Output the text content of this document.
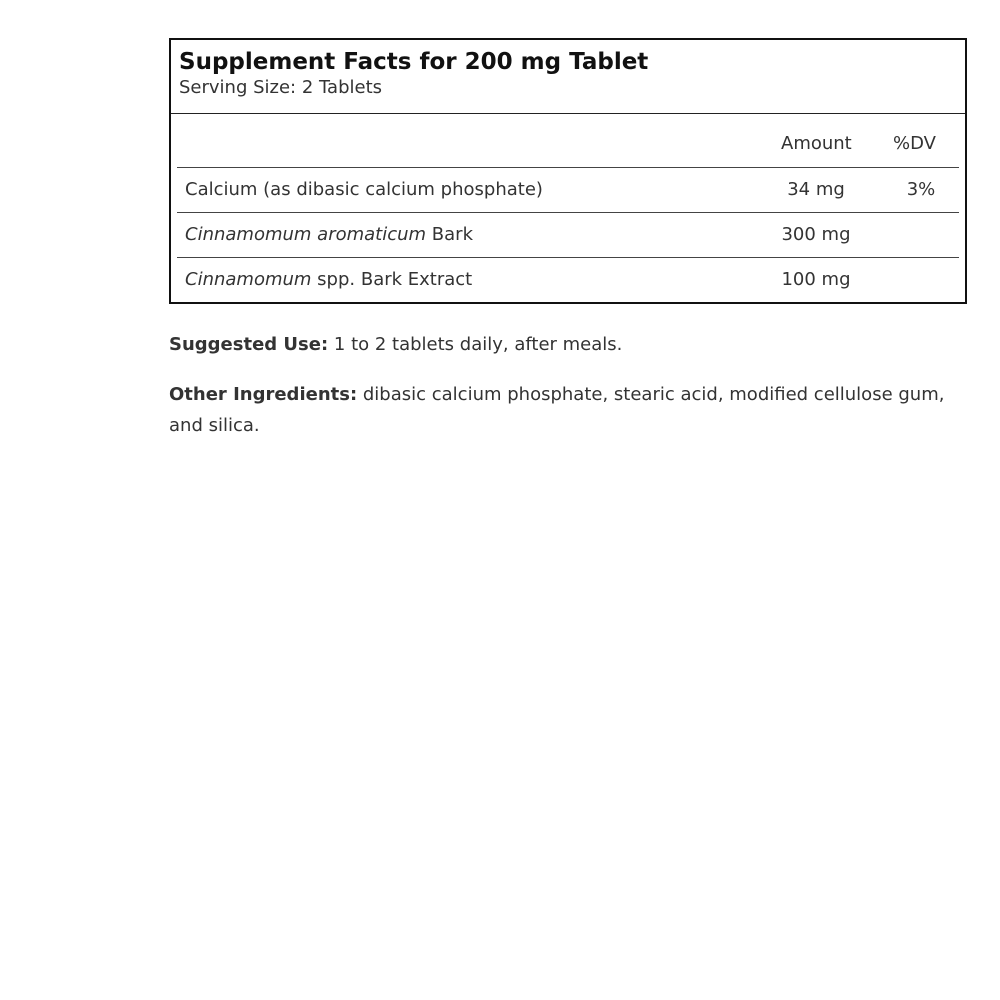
Supplement Facts for 200 mg Tablet
Serving Size: 2 Tablets
Amount %DV
Calcium (as dibasic calcium phosphate)	34 mg	3%
Cinnamomum aromaticum Bark	300 mg
Cinnamomum spp. Bark Extract	100 mg
Suggested Use: 1 to 2 tablets daily, after meals.
Other Ingredients: dibasic calcium phosphate, stearic acid, modified cellulose gum, and silica.
